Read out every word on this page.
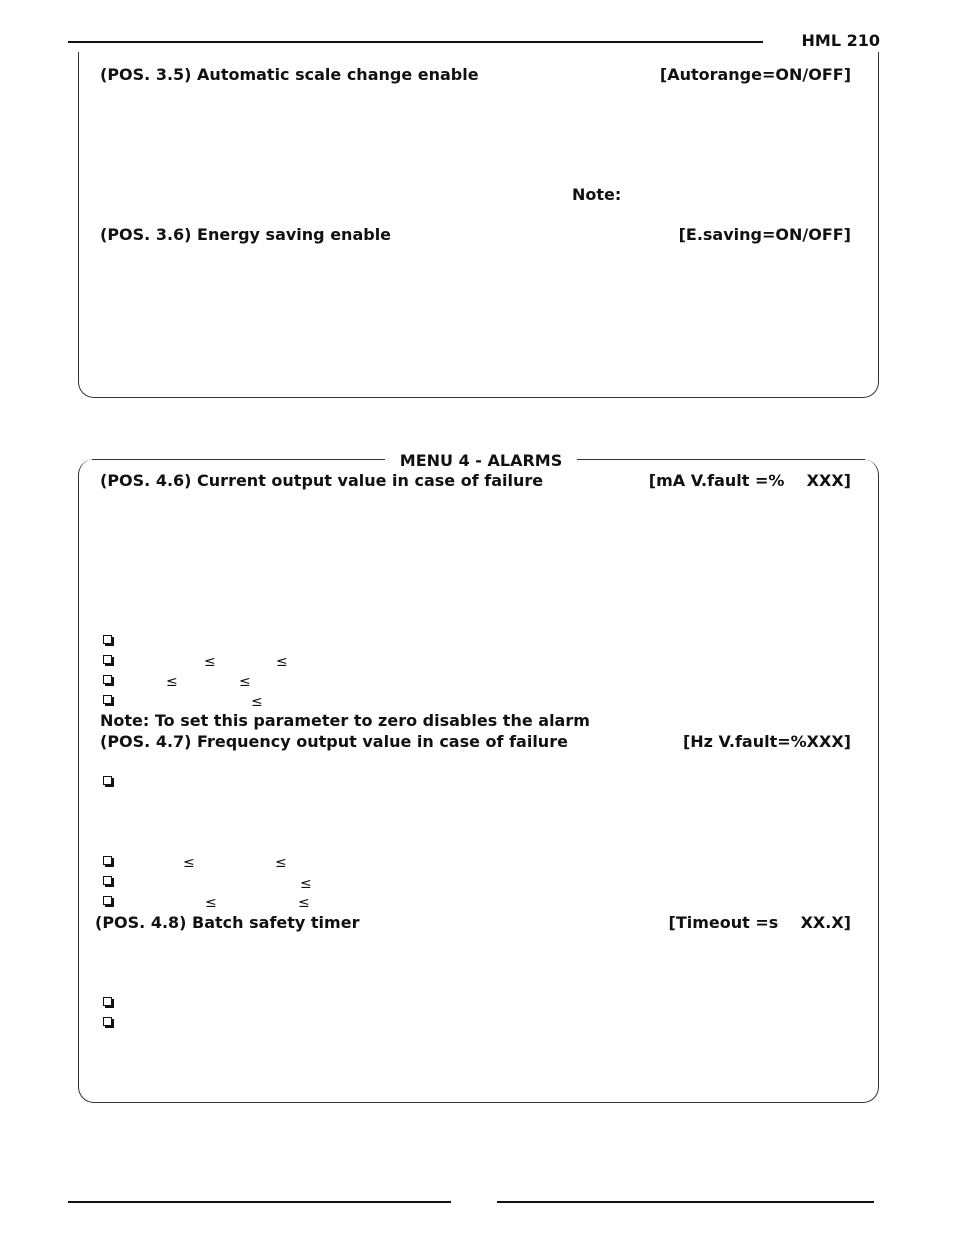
HML 210
(POS. 3.5) Automatic scale change enable	[Autorange=ON/OFF]
Note:
(POS. 3.6) Energy saving enable	[E.saving=ON/OFF]
MENU 4 - ALARMS
(POS. 4.6) Current output value in case of failure	[mA V.fault =%    XXX]
≤	≤
≤	≤
≤
Note: To set this parameter to zero disables the alarm
(POS. 4.7) Frequency output value in case of failure	[Hz V.fault=%XXX]
≤	≤
≤
≤	≤
(POS. 4.8) Batch safety timer	[Timeout =s    XX.X]
